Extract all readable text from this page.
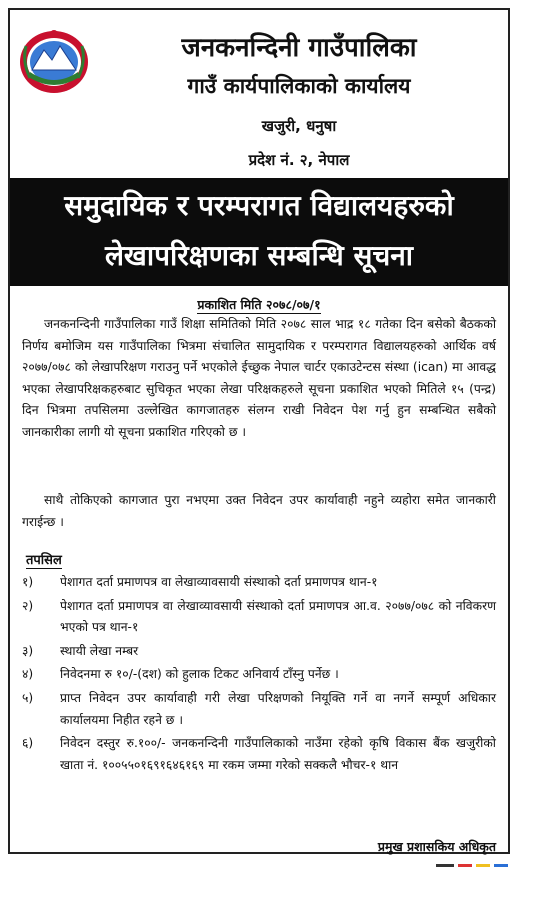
जनकनन्दिनी गाउँपालिका
गाउँ कार्यपालिकाको कार्यालय
खजुरी, धनुषा
प्रदेश नं. २, नेपाल
समुदायिक र परम्परागत विद्यालयहरुको
लेखापरिक्षणका सम्बन्धि सूचना
प्रकाशित मिति २०७८/०७/१
जनकनन्दिनी गाउँपालिका गाउँ शिक्षा समितिको मिति २०७८ साल भाद्र १८ गतेका दिन बसेको बैठकको निर्णय बमोजिम यस गाउँपालिका भित्रमा संचालित सामुदायिक र परम्परागत विद्यालयहरुको आर्थिक वर्ष २०७७/०७८ को लेखापरिक्षण गराउनु पर्ने भएकोले ईच्छुक नेपाल चार्टर एकाउटेन्टस संस्था (ican) मा आवद्ध भएका लेखापरिक्षकहरुबाट सुचिकृत भएका लेखा परिक्षकहरुले सूचना प्रकाशित भएको मितिले १५ (पन्द्र) दिन भित्रमा तपसिलमा उल्लेखित कागजातहरु संलग्न राखी निवेदन पेश गर्नु हुन सम्बन्धित सबैको जानकारीका लागी यो सूचना प्रकाशित गरिएको छ ।
साथै तोकिएको कागजात पुरा नभएमा उक्त निवेदन उपर कार्यावाही नहुने व्यहोरा समेत जानकारी गराईन्छ ।
तपसिल
१) पेशागत दर्ता प्रमाणपत्र वा लेखाव्यावसायी संस्थाको दर्ता प्रमाणपत्र थान-१
२) पेशागत दर्ता प्रमाणपत्र वा लेखाव्यावसायी संस्थाको दर्ता प्रमाणपत्र आ.व. २०७७/०७८ को नविकरण भएको पत्र थान-१
३) स्थायी लेखा नम्बर
४) निवेदनमा रु १०/-(दश) को हुलाक टिकट अनिवार्य टाँस्नु पर्नेछ ।
५) प्राप्त निवेदन उपर कार्यावाही गरी लेखा परिक्षणको नियूक्ति गर्ने वा नगर्ने सम्पूर्ण अधिकार कार्यालयमा निहीत रहने छ ।
६) निवेदन दस्तुर रु.१००/- जनकनन्दिनी गाउँपालिकाको नाउँमा रहेको कृषि विकास बैंक खजुरीको खाता नं. १००५५०१६९१६४६१६९ मा रकम जम्मा गरेको सक्कलै भौचर-१ थान
प्रमुख प्रशासकिय अधिकृत
